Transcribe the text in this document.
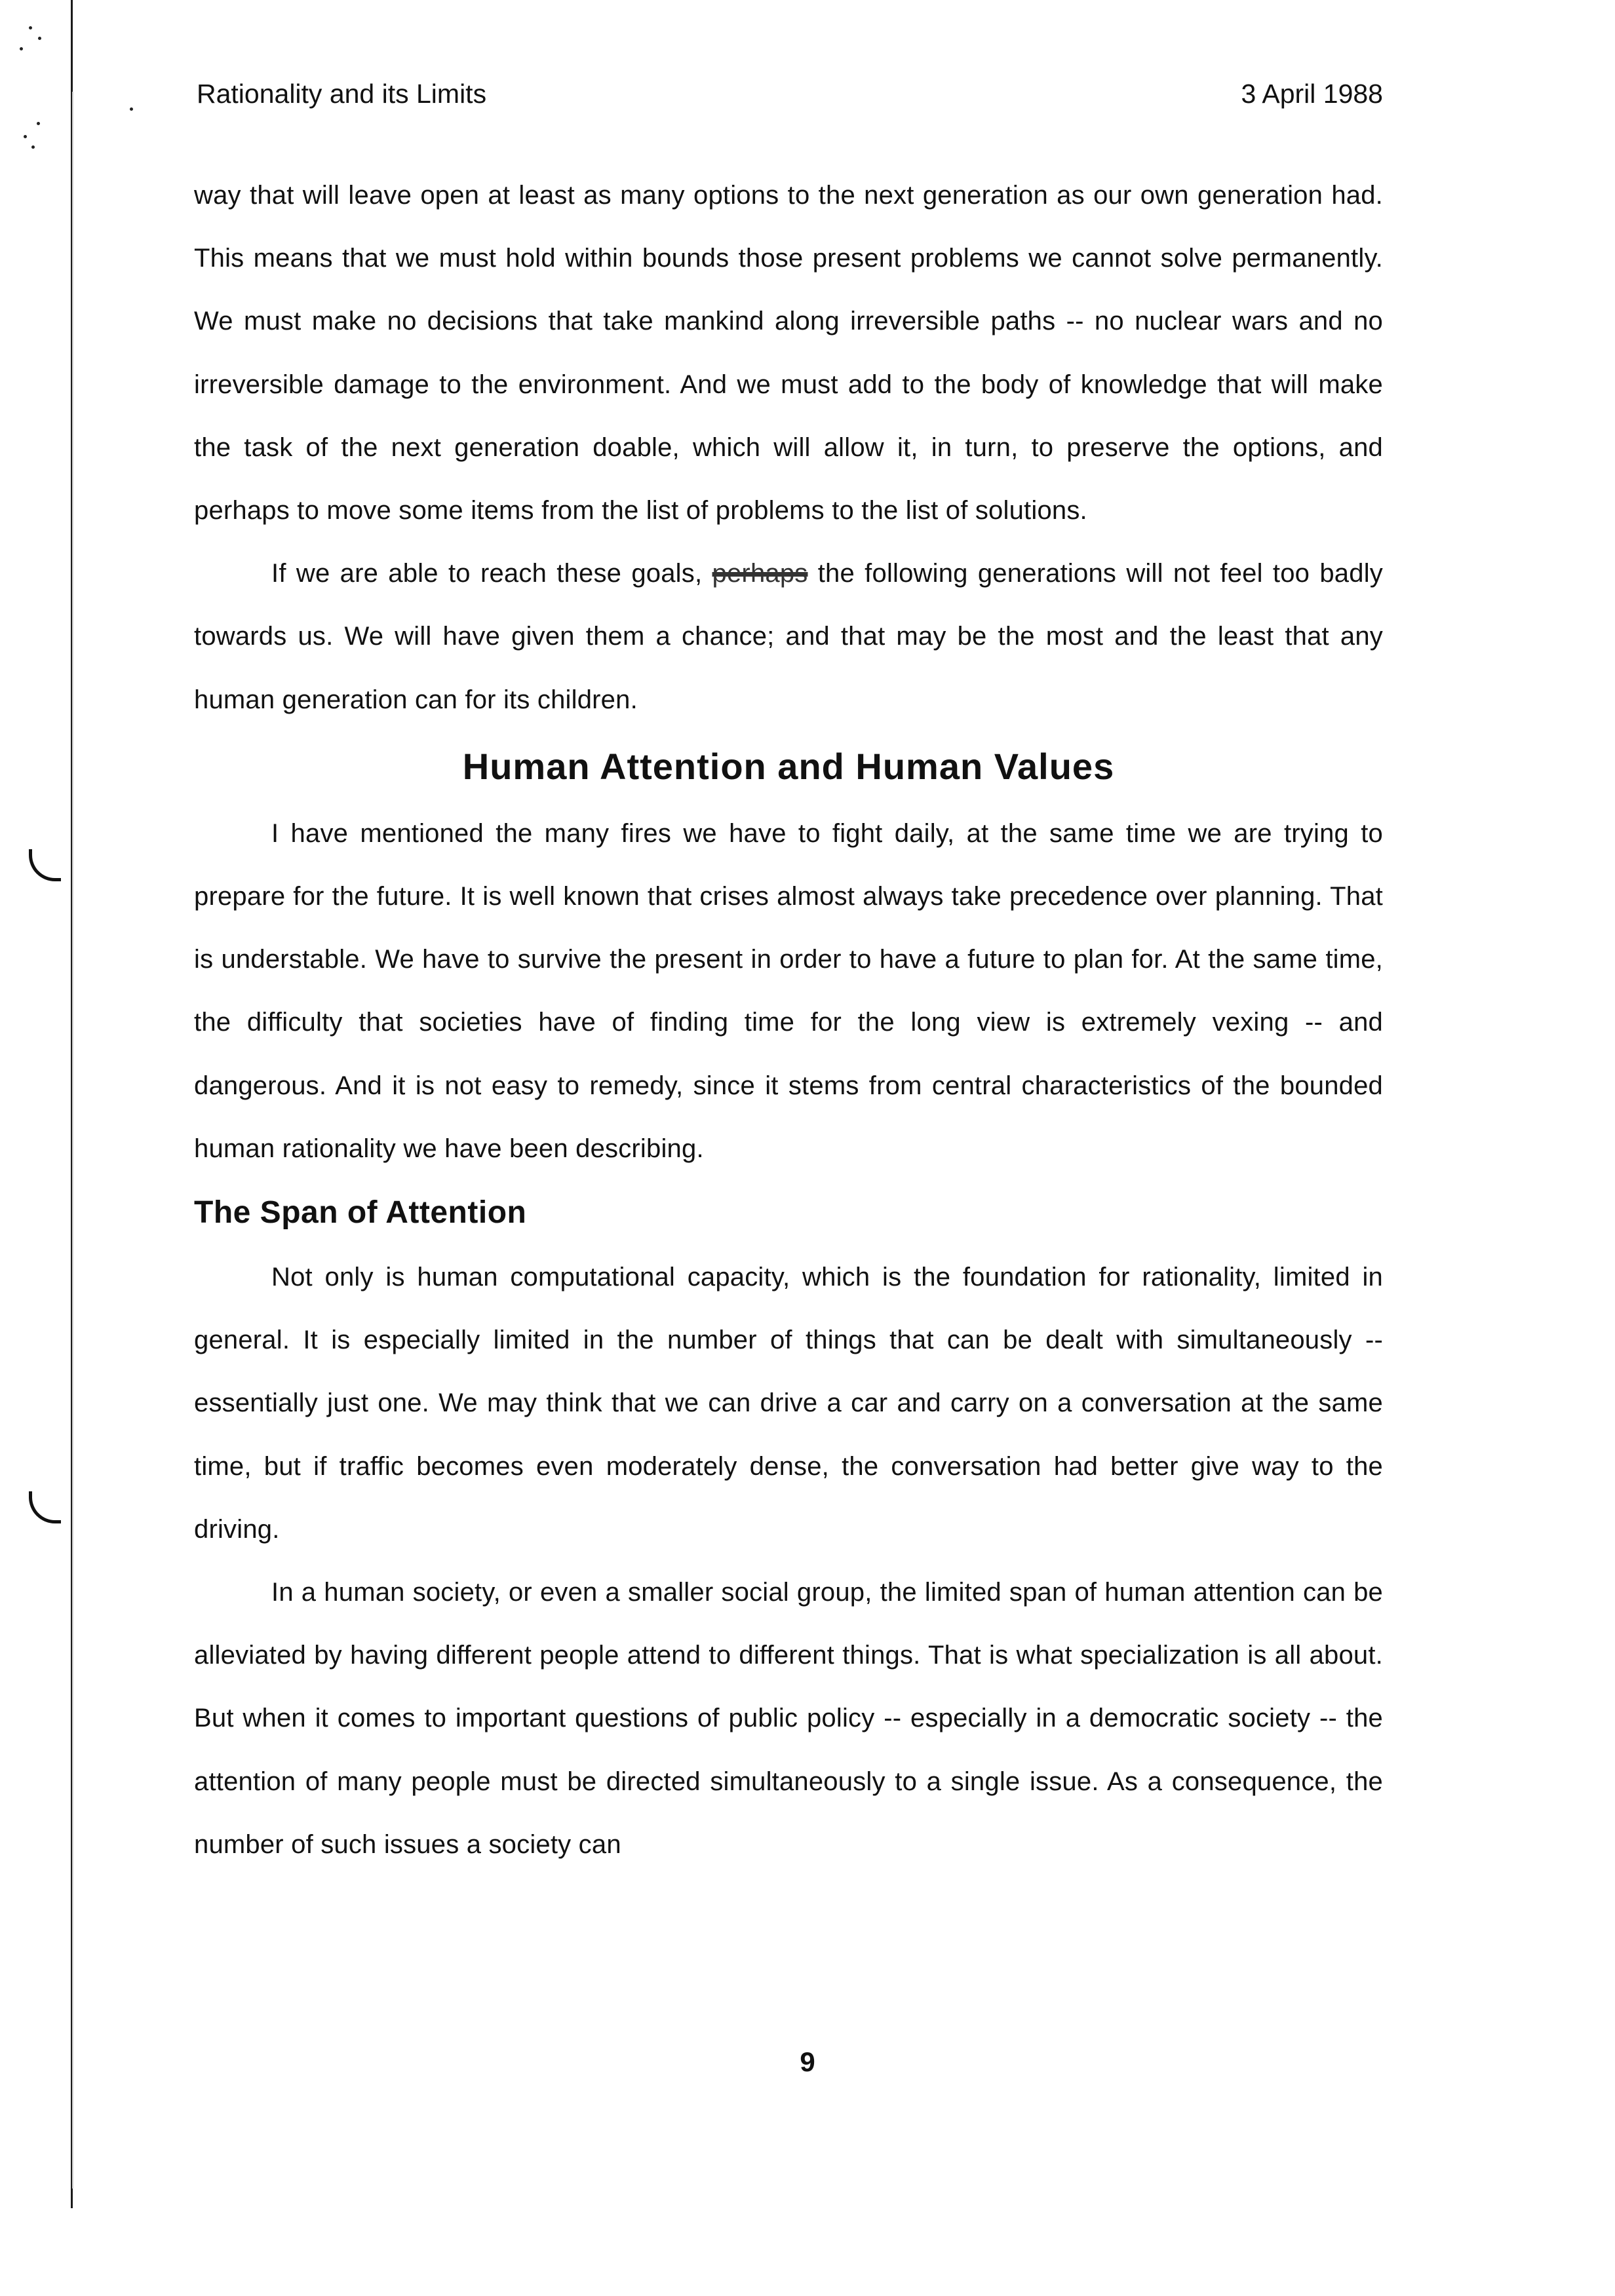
Rationality and its Limits	3 April 1988

way that will leave open at least as many options to the next generation as our own generation had. This means that we must hold within bounds those present problems we cannot solve permanently. We must make no decisions that take mankind along irreversible paths -- no nuclear wars and no irreversible damage to the environment. And we must add to the body of knowledge that will make the task of the next generation doable, which will allow it, in turn, to preserve the options, and perhaps to move some items from the list of problems to the list of solutions.

If we are able to reach these goals, perhaps the following generations will not feel too badly towards us. We will have given them a chance; and that may be the most and the least that any human generation can for its children.

Human Attention and Human Values

I have mentioned the many fires we have to fight daily, at the same time we are trying to prepare for the future. It is well known that crises almost always take precedence over planning. That is understable. We have to survive the present in order to have a future to plan for. At the same time, the difficulty that societies have of finding time for the long view is extremely vexing -- and dangerous. And it is not easy to remedy, since it stems from central characteristics of the bounded human rationality we have been describing.

The Span of Attention

Not only is human computational capacity, which is the foundation for rationality, limited in general. It is especially limited in the number of things that can be dealt with simultaneously -- essentially just one. We may think that we can drive a car and carry on a conversation at the same time, but if traffic becomes even moderately dense, the conversation had better give way to the driving.

In a human society, or even a smaller social group, the limited span of human attention can be alleviated by having different people attend to different things. That is what specialization is all about. But when it comes to important questions of public policy -- especially in a democratic society -- the attention of many people must be directed simultaneously to a single issue. As a consequence, the number of such issues a society can

9
